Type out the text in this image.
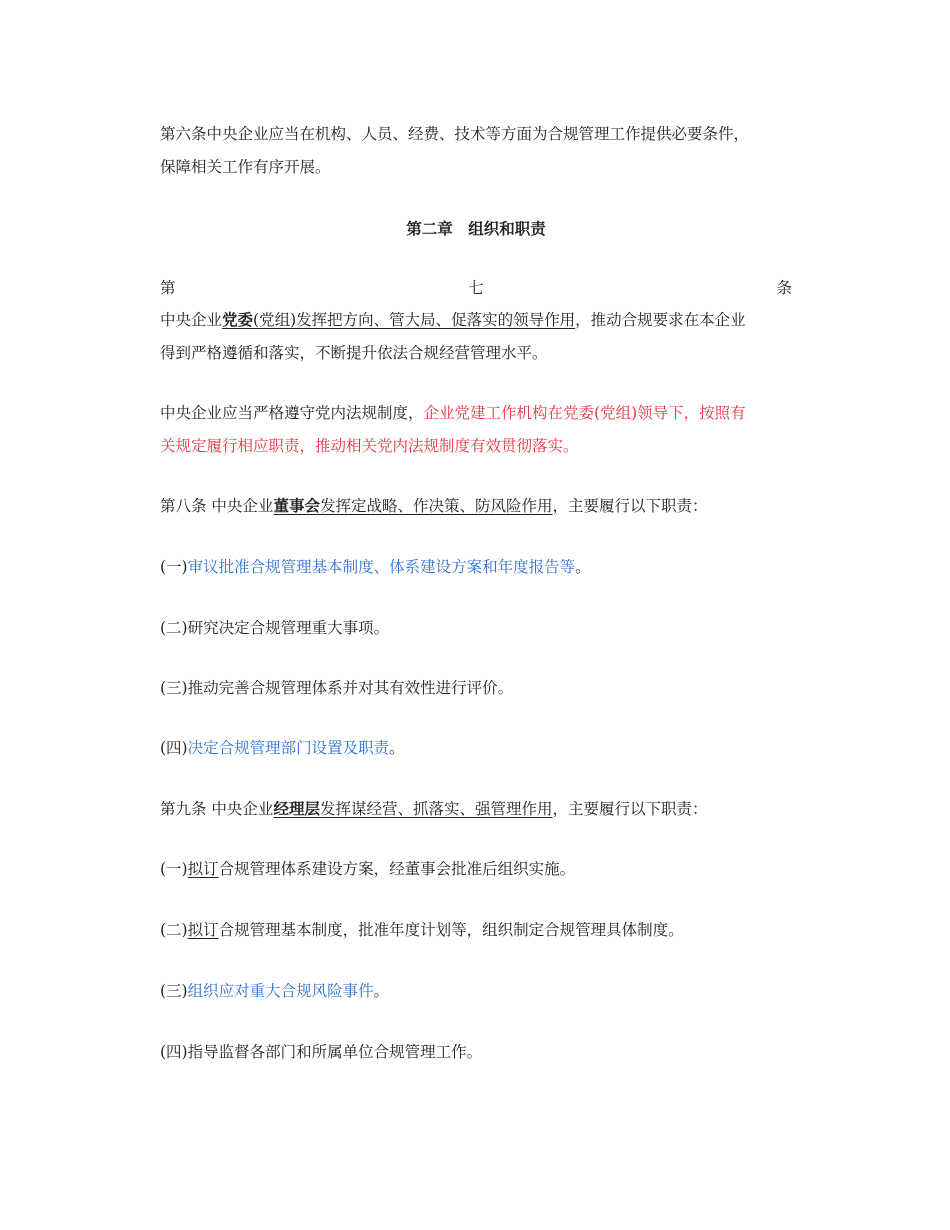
第六条中央企业应当在机构、人员、经费、技术等方面为合规管理工作提供必要条件，
保障相关工作有序开展。
第二章　组织和职责
第	七	条
中央企业党委(党组)发挥把方向、管大局、促落实的领导作用，推动合规要求在本企业
得到严格遵循和落实，不断提升依法合规经营管理水平。
中央企业应当严格遵守党内法规制度，企业党建工作机构在党委(党组)领导下，按照有
关规定履行相应职责，推动相关党内法规制度有效贯彻落实。
第八条 中央企业董事会发挥定战略、作决策、防风险作用，主要履行以下职责：
(一)审议批准合规管理基本制度、体系建设方案和年度报告等。
(二)研究决定合规管理重大事项。
(三)推动完善合规管理体系并对其有效性进行评价。
(四)决定合规管理部门设置及职责。
第九条 中央企业经理层发挥谋经营、抓落实、强管理作用，主要履行以下职责：
(一)拟订合规管理体系建设方案，经董事会批准后组织实施。
(二)拟订合规管理基本制度，批准年度计划等，组织制定合规管理具体制度。
(三)组织应对重大合规风险事件。
(四)指导监督各部门和所属单位合规管理工作。
